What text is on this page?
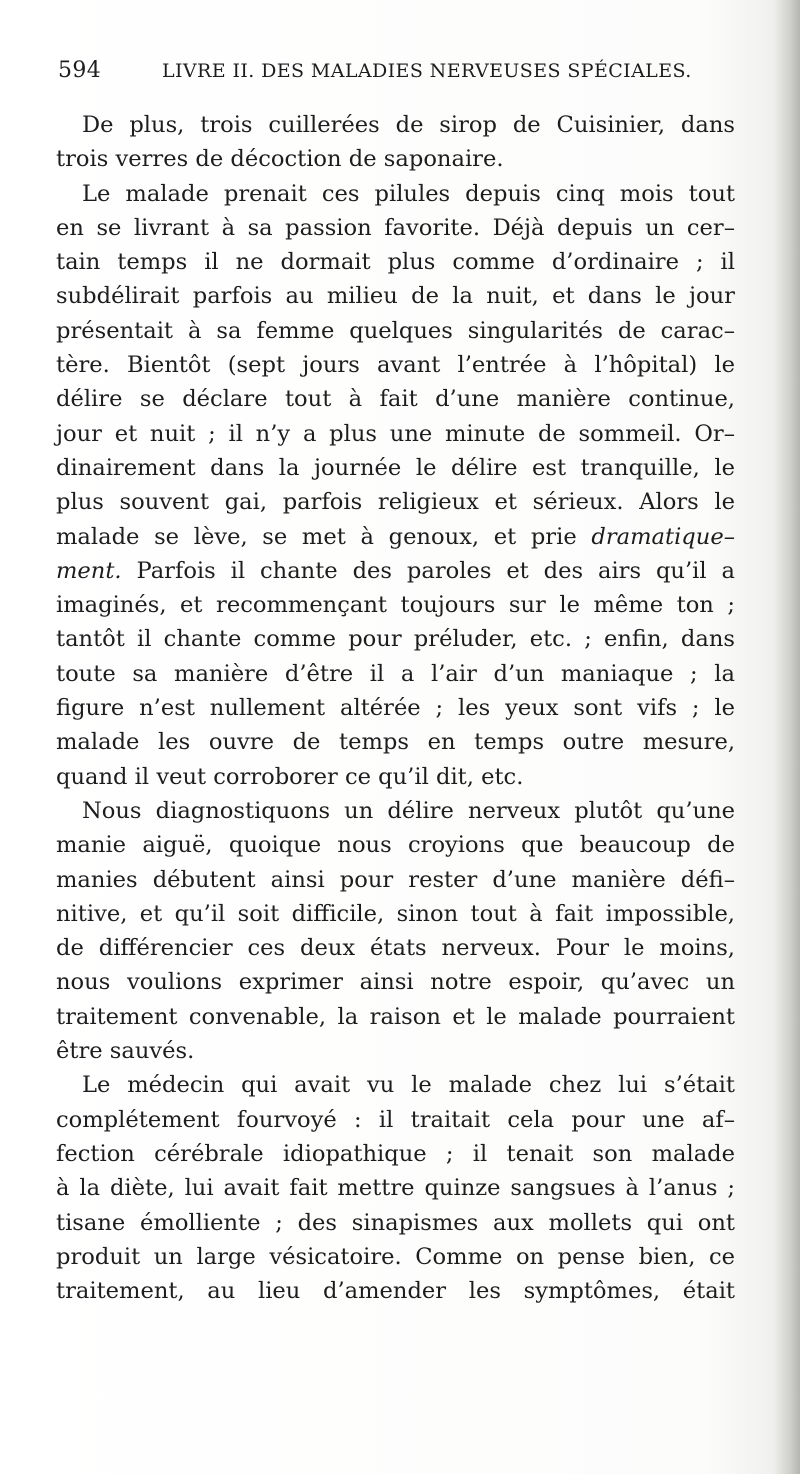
594	LIVRE II. DES MALADIES NERVEUSES SPÉCIALES.
De plus, trois cuillerées de sirop de Cuisinier, dans
trois verres de décoction de saponaire.
Le malade prenait ces pilules depuis cinq mois tout
en se livrant à sa passion favorite. Déjà depuis un cer–
tain temps il ne dormait plus comme d’ordinaire ; il
subdélirait parfois au milieu de la nuit, et dans le jour
présentait à sa femme quelques singularités de carac–
tère. Bientôt (sept jours avant l’entrée à l’hôpital) le
délire se déclare tout à fait d’une manière continue,
jour et nuit ; il n’y a plus une minute de sommeil. Or–
dinairement dans la journée le délire est tranquille, le
plus souvent gai, parfois religieux et sérieux. Alors le
malade se lève, se met à genoux, et prie dramatique–
ment. Parfois il chante des paroles et des airs qu’il a
imaginés, et recommençant toujours sur le même ton ;
tantôt il chante comme pour préluder, etc. ; enfin, dans
toute sa manière d’être il a l’air d’un maniaque ; la
figure n’est nullement altérée ; les yeux sont vifs ; le
malade les ouvre de temps en temps outre mesure,
quand il veut corroborer ce qu’il dit, etc.
Nous diagnostiquons un délire nerveux plutôt qu’une
manie aiguë, quoique nous croyions que beaucoup de
manies débutent ainsi pour rester d’une manière défi–
nitive, et qu’il soit difficile, sinon tout à fait impossible,
de différencier ces deux états nerveux. Pour le moins,
nous voulions exprimer ainsi notre espoir, qu’avec un
traitement convenable, la raison et le malade pourraient
être sauvés.
Le médecin qui avait vu le malade chez lui s’était
complétement fourvoyé : il traitait cela pour une af–
fection cérébrale idiopathique ; il tenait son malade
à la diète, lui avait fait mettre quinze sangsues à l’anus ;
tisane émolliente ; des sinapismes aux mollets qui ont
produit un large vésicatoire. Comme on pense bien, ce
traitement, au lieu d’amender les symptômes, était
